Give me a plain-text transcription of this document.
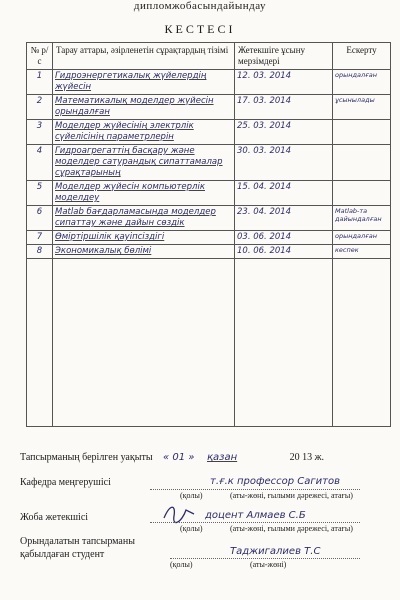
⠀
дипломжобасындайындау
КЕСТЕСІ
№ р/с	Тарау аттары, әзірленетін сұрақтардың тізімі	Жетекшіге ұсыну мерзімдері	Ескерту
1	Гидроэнергетикалық жүйелердің жүйесін	12. 03. 2014	орындалған
2	Математикалық моделдер жүйесін орындалған	17. 03. 2014	ұсынылады
3	Моделдер жүйесінің электрлік сүйелісінің параметрлерін	25. 03. 2014	
4	Гидроагрегаттің басқару және моделдер сатурандық сипаттамалар сұрақтарының	30. 03. 2014	
5	Моделдер жүйесін компьютерлік моделдеу	15. 04. 2014	
6	Matlab бағдарламасында моделдер сипаттау және дайын сөздік	23. 04. 2014	Matlab-та дайындалған
7	Өміртіршілік қауіпсіздігі	03. 06. 2014	орындалған
8	Экономикалық бөлімі	10. 06. 2014	кеспек

Тапсырманың берілген уақыты « 01 » қазан	20 13 ж.
Кафедра меңгерушісі	т.ғ.к профессор Сагитов
(қолы)	(аты-жөні, ғылыми дәрежесі, атағы)
Жоба жетекшісі	доцент Алмаев С.Б
(қолы)	(аты-жөні, ғылыми дәрежесі, атағы)
Орындалатын тапсырманы
қабылдаған студент	Таджигалиев Т.С
(қолы)	(аты-жөні)
